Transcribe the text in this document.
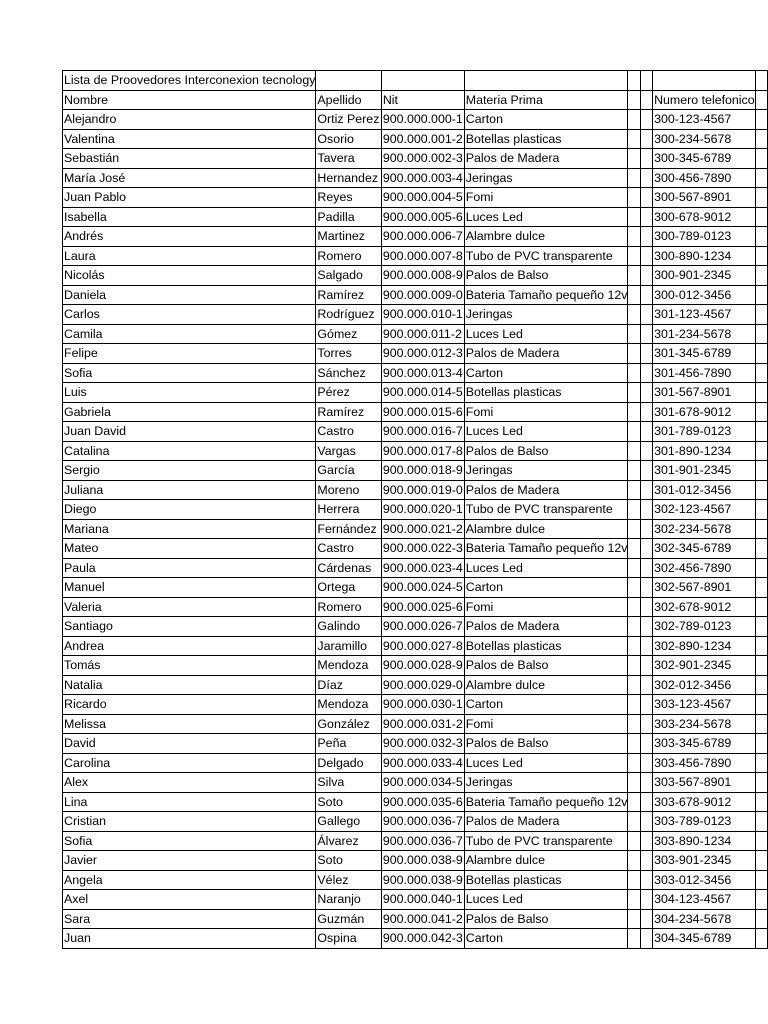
Lista de Proovedores Interconexion tecnology							
Nombre	Apellido	Nit	Materia Prima			Numero telefonico	
Alejandro	Ortiz Perez	900.000.000-1	Carton			300-123-4567	
Valentina	Osorio	900.000.001-2	Botellas plasticas			300-234-5678	
Sebastián	Tavera	900.000.002-3	Palos de Madera			300-345-6789	
María José	Hernandez	900.000.003-4	Jeringas			300-456-7890	
Juan Pablo	Reyes	900.000.004-5	Fomi			300-567-8901	
Isabella	Padilla	900.000.005-6	Luces Led			300-678-9012	
Andrés	Martinez	900.000.006-7	Alambre dulce			300-789-0123	
Laura	Romero	900.000.007-8	Tubo de PVC transparente			300-890-1234	
Nicolás	Salgado	900.000.008-9	Palos de Balso			300-901-2345	
Daniela	Ramírez	900.000.009-0	Bateria Tamaño pequeño 12v			300-012-3456	
Carlos	Rodríguez	900.000.010-1	Jeringas			301-123-4567	
Camila	Gómez	900.000.011-2	Luces Led			301-234-5678	
Felipe	Torres	900.000.012-3	Palos de Madera			301-345-6789	
Sofia	Sánchez	900.000.013-4	Carton			301-456-7890	
Luis	Pérez	900.000.014-5	Botellas plasticas			301-567-8901	
Gabriela	Ramírez	900.000.015-6	Fomi			301-678-9012	
Juan David	Castro	900.000.016-7	Luces Led			301-789-0123	
Catalina	Vargas	900.000.017-8	Palos de Balso			301-890-1234	
Sergio	García	900.000.018-9	Jeringas			301-901-2345	
Juliana	Moreno	900.000.019-0	Palos de Madera			301-012-3456	
Diego	Herrera	900.000.020-1	Tubo de PVC transparente			302-123-4567	
Mariana	Fernández	900.000.021-2	Alambre dulce			302-234-5678	
Mateo	Castro	900.000.022-3	Bateria Tamaño pequeño 12v			302-345-6789	
Paula	Cárdenas	900.000.023-4	Luces Led			302-456-7890	
Manuel	Ortega	900.000.024-5	Carton			302-567-8901	
Valeria	Romero	900.000.025-6	Fomi			302-678-9012	
Santiago	Galindo	900.000.026-7	Palos de Madera			302-789-0123	
Andrea	Jaramillo	900.000.027-8	Botellas plasticas			302-890-1234	
Tomás	Mendoza	900.000.028-9	Palos de Balso			302-901-2345	
Natalia	Díaz	900.000.029-0	Alambre dulce			302-012-3456	
Ricardo	Mendoza	900.000.030-1	Carton			303-123-4567	
Melissa	González	900.000.031-2	Fomi			303-234-5678	
David	Peña	900.000.032-3	Palos de Balso			303-345-6789	
Carolina	Delgado	900.000.033-4	Luces Led			303-456-7890	
Alex	Silva	900.000.034-5	Jeringas			303-567-8901	
Lina	Soto	900.000.035-6	Bateria Tamaño pequeño 12v			303-678-9012	
Cristian	Gallego	900.000.036-7	Palos de Madera			303-789-0123	
Sofia	Álvarez	900.000.036-7	Tubo de PVC transparente			303-890-1234	
Javier	Soto	900.000.038-9	Alambre dulce			303-901-2345	
Angela	Vélez	900.000.038-9	Botellas plasticas			303-012-3456	
Axel	Naranjo	900.000.040-1	Luces Led			304-123-4567	
Sara	Guzmán	900.000.041-2	Palos de Balso			304-234-5678	
Juan	Ospina	900.000.042-3	Carton			304-345-6789	
